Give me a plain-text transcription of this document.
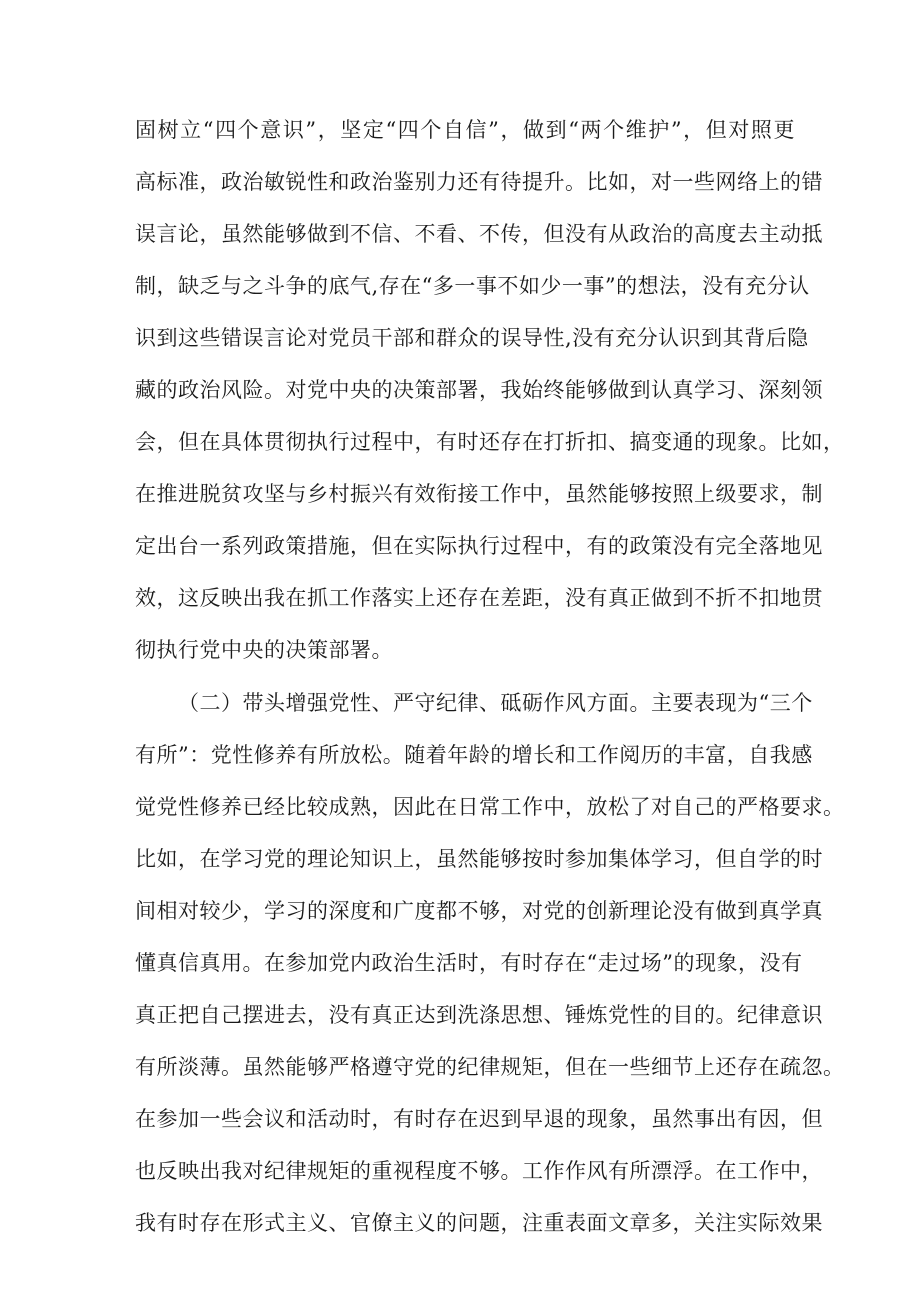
固树立“四个意识”，坚定“四个自信”，做到“两个维护”，但对照更
高标准，政治敏锐性和政治鉴别力还有待提升。比如，对一些网络上的错
误言论，虽然能够做到不信、不看、不传，但没有从政治的高度去主动抵
制，缺乏与之斗争的底气,存在“多一事不如少一事”的想法，没有充分认
识到这些错误言论对党员干部和群众的误导性,没有充分认识到其背后隐
藏的政治风险。对党中央的决策部署，我始终能够做到认真学习、深刻领
会，但在具体贯彻执行过程中，有时还存在打折扣、搞变通的现象。比如，
在推进脱贫攻坚与乡村振兴有效衔接工作中，虽然能够按照上级要求，制
定出台一系列政策措施，但在实际执行过程中，有的政策没有完全落地见
效，这反映出我在抓工作落实上还存在差距，没有真正做到不折不扣地贯
彻执行党中央的决策部署。
（二）带头增强党性、严守纪律、砥砺作风方面。主要表现为“三个
有所”：党性修养有所放松。随着年龄的增长和工作阅历的丰富，自我感
觉党性修养已经比较成熟，因此在日常工作中，放松了对自己的严格要求。
比如，在学习党的理论知识上，虽然能够按时参加集体学习，但自学的时
间相对较少，学习的深度和广度都不够，对党的创新理论没有做到真学真
懂真信真用。在参加党内政治生活时，有时存在“走过场”的现象，没有
真正把自己摆进去，没有真正达到洗涤思想、锤炼党性的目的。纪律意识
有所淡薄。虽然能够严格遵守党的纪律规矩，但在一些细节上还存在疏忽。
在参加一些会议和活动时，有时存在迟到早退的现象，虽然事出有因，但
也反映出我对纪律规矩的重视程度不够。工作作风有所漂浮。在工作中，
我有时存在形式主义、官僚主义的问题，注重表面文章多，关注实际效果
